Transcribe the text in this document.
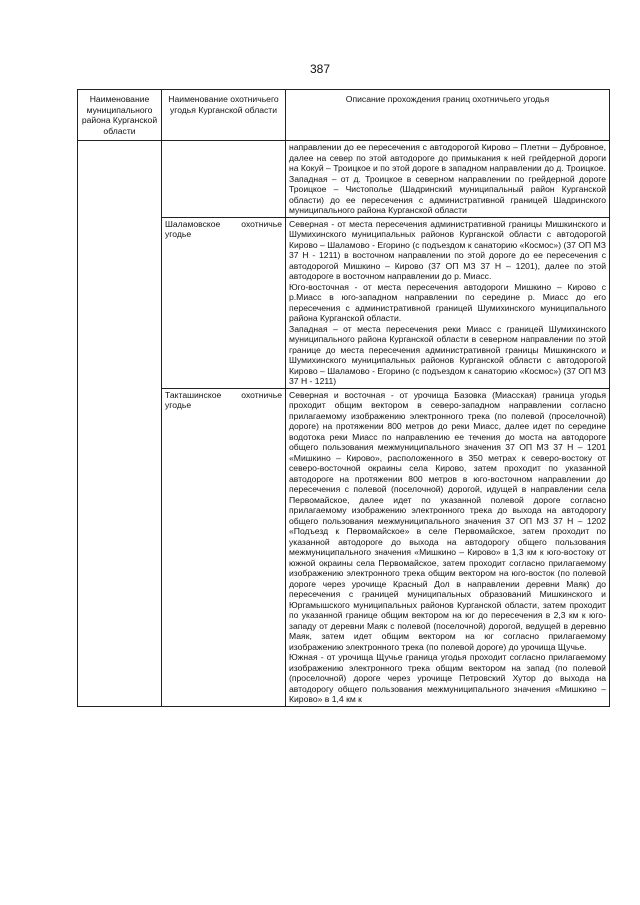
387
Наименование муниципального района Курганской области	Наименование охотничьего угодья Курганской области	Описание прохождения границ охотничьего угодья

		направлении до ее пересечения с автодорогой Кирово – Плетни – Дубровное, далее на север по этой автодороге до примыкания к ней грейдерной дороги на Кокуй – Троицкое и по этой дороге в западном направлении до д. Троицкое.

Западная – от д. Троицкое в северном направлении по грейдерной дороге Троицкое – Чистополье (Шадринский муниципальный район Курганской области) до ее пересечения с административной границей Шадринского муниципального района Курганской области

	Шаламовское охотничье угодье	Северная - от места пересечения административной границы Мишкинского и Шумихинского муниципальных районов Курганской области с автодорогой Кирово – Шаламово - Егорино (с подъездом к санаторию «Космос») (37 ОП МЗ 37 Н - 1211) в восточном направлении по этой дороге до ее пересечения с автодорогой Мишкино – Кирово (37 ОП МЗ 37 Н – 1201), далее по этой автодороге в восточном направлении до р. Миасс.

Юго-восточная - от места пересечения автодороги Мишкино – Кирово с р.Миасс в юго-западном направлении по середине р. Миасс до его пересечения с административной границей Шумихинского муниципального района Курганской области.

Западная – от места пересечения реки Миасс с границей Шумихинского муниципального района Курганской области в северном направлении по этой границе до места пересечения административной границы Мишкинского и Шумихинского муниципальных районов Курганской области с автодорогой Кирово – Шаламово - Егорино (с подъездом к санаторию «Космос») (37 ОП МЗ 37 Н - 1211)

	Такташинское охотничье угодье	Северная и восточная - от урочища Базовка (Миасская) граница угодья проходит общим вектором в северо-западном направлении согласно прилагаемому изображению электронного трека (по полевой (проселочной) дороге) на протяжении 800 метров до реки Миасс, далее идет по середине водотока реки Миасс по направлению ее течения до моста на автодороге общего пользования межмуниципального значения 37 ОП МЗ 37 Н – 1201 «Мишкино – Кирово», расположенного в 350 метрах к северо-востоку от северо-восточной окраины села Кирово, затем проходит по указанной автодороге на протяжении 800 метров в юго-восточном направлении до пересечения с полевой (поселочной) дорогой, идущей в направлении села Первомайское, далее идет по указанной полевой дороге согласно прилагаемому изображению электронного трека до выхода на автодорогу общего пользования межмуниципального значения 37 ОП МЗ 37 Н – 1202 «Подъезд к Первомайское» в селе Первомайское, затем проходит по указанной автодороге до выхода на автодорогу общего пользования межмуниципального значения «Мишкино – Кирово» в 1,3 км к юго-востоку от южной окраины села Первомайское, затем проходит согласно прилагаемому изображению электронного трека общим вектором на юго-восток (по полевой дороге через урочище Красный Дол в направлении деревни Маяк) до пересечения с границей муниципальных образований Мишкинского и Юргамышского муниципальных районов Курганской области, затем проходит по указанной границе общим вектором на юг до пересечения в 2,3 км к юго-западу от деревни Маяк с полевой (поселочной) дорогой, ведущей в деревню Маяк, затем идет общим вектором на юг согласно прилагаемому изображению электронного трека (по полевой дороге) до урочища Щучье.

Южная - от урочища Щучье граница угодья проходит согласно прилагаемому изображению электронного трека общим вектором на запад (по полевой (проселочной) дороге через урочище Петровский Хутор до выхода на автодорогу общего пользования межмуниципального значения «Мишкино – Кирово» в 1,4 км к
